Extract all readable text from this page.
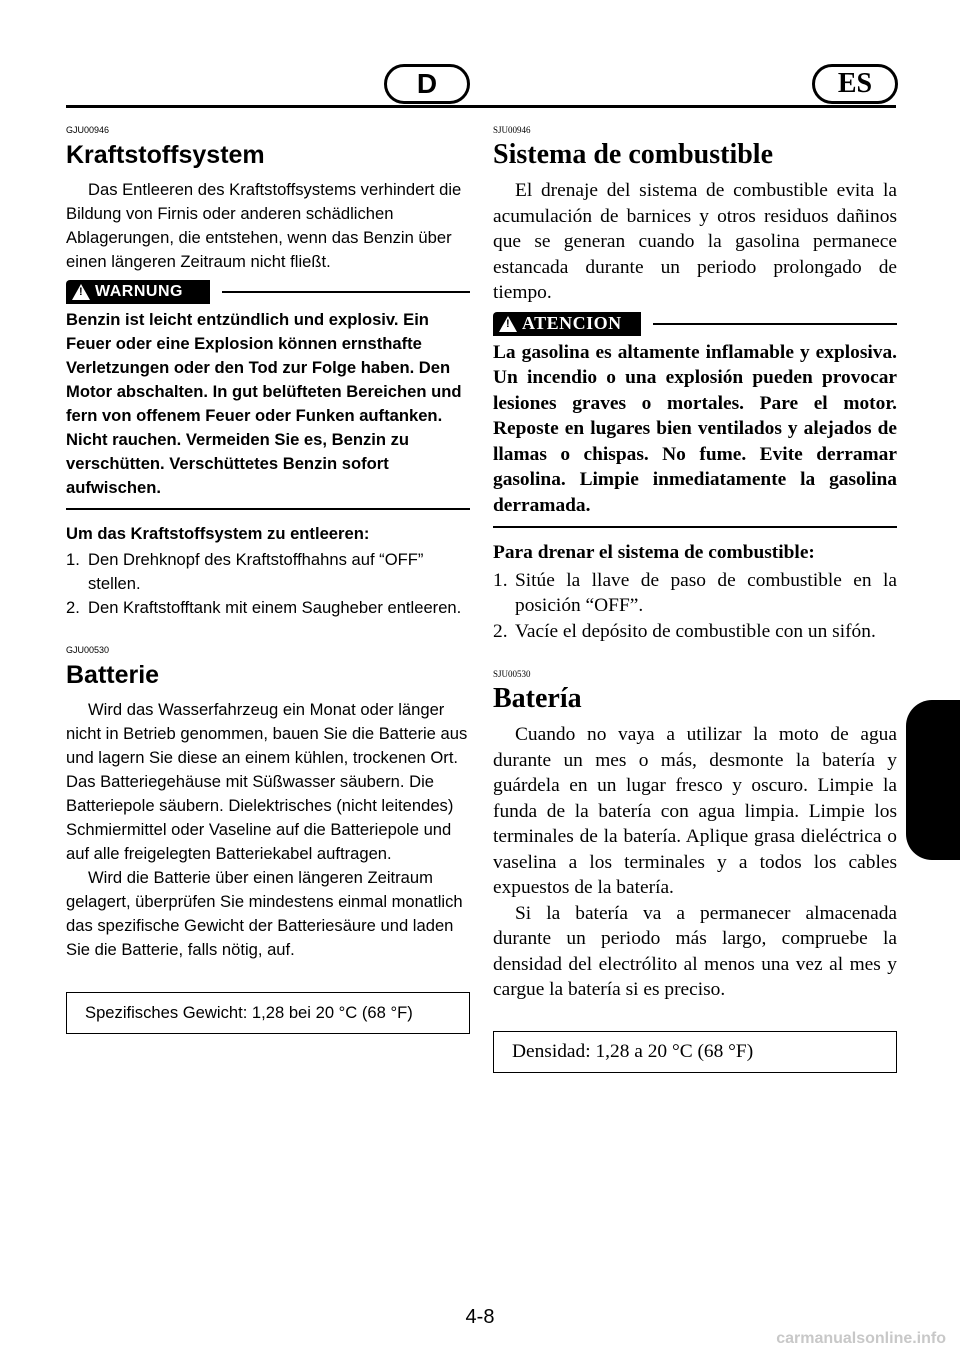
D	ES
GJU00946
Kraftstoffsystem

Das Entleeren des Kraftstoffsystems verhindert die Bildung von Firnis oder anderen schädlichen Ablagerungen, die entstehen, wenn das Benzin über einen längeren Zeitraum nicht fließt.

!
WARNUNG
Benzin ist leicht entzündlich und explosiv. Ein Feuer oder eine Explosion können ernsthafte Verletzungen oder den Tod zur Folge haben. Den Motor abschalten. In gut belüfteten Bereichen und fern von offenem Feuer oder Funken auftanken. Nicht rauchen. Vermeiden Sie es, Benzin zu verschütten. Verschüttetes Benzin sofort aufwischen.
Um das Kraftstoffsystem zu entleeren:
1. Den Drehknopf des Kraftstoffhahns auf “OFF” stellen.
2. Den Kraftstofftank mit einem Saugheber entleeren.
GJU00530
Batterie

Wird das Wasserfahrzeug ein Monat oder länger nicht in Betrieb genommen, bauen Sie die Batterie aus und lagern Sie diese an einem kühlen, trockenen Ort. Das Batteriegehäuse mit Süßwasser säubern. Die Batteriepole säubern. Dielektrisches (nicht leitendes) Schmiermittel oder Vaseline auf die Batteriepole und auf alle freigelegten Batteriekabel auftragen.

Wird die Batterie über einen längeren Zeitraum gelagert, überprüfen Sie mindestens einmal monatlich das spezifische Gewicht der Batteriesäure und laden Sie die Batterie, falls nötig, auf.

Spezifisches Gewicht: 1,28 bei 20 °C (68 °F)
SJU00946
Sistema de combustible

El drenaje del sistema de combustible evita la acumulación de barnices y otros residuos dañinos que se generan cuando la gasolina permanece estancada durante un periodo prolongado de tiempo.

!
ATENCION
La gasolina es altamente inflamable y explosiva. Un incendio o una explosión pueden provocar lesiones graves o mortales. Pare el motor. Reposte en lugares bien ventilados y alejados de llamas o chispas. No fume. Evite derramar gasolina. Limpie inmediatamente la gasolina derramada.
Para drenar el sistema de combustible:
1. Sitúe la llave de paso de combustible en la posición “OFF”.
2. Vacíe el depósito de combustible con un sifón.
SJU00530
Batería

Cuando no vaya a utilizar la moto de agua durante un mes o más, desmonte la batería y guárdela en un lugar fresco y oscuro. Limpie la funda de la batería con agua limpia. Limpie los terminales de la batería. Aplique grasa dieléctrica o vaselina a los terminales y a todos los cables expuestos de la batería.

Si la batería va a permanecer almacenada durante un periodo más largo, compruebe la densidad del electrólito al menos una vez al mes y cargue la batería si es preciso.

Densidad: 1,28 a 20 °C (68 °F)
4-8
carmanualsonline.info
